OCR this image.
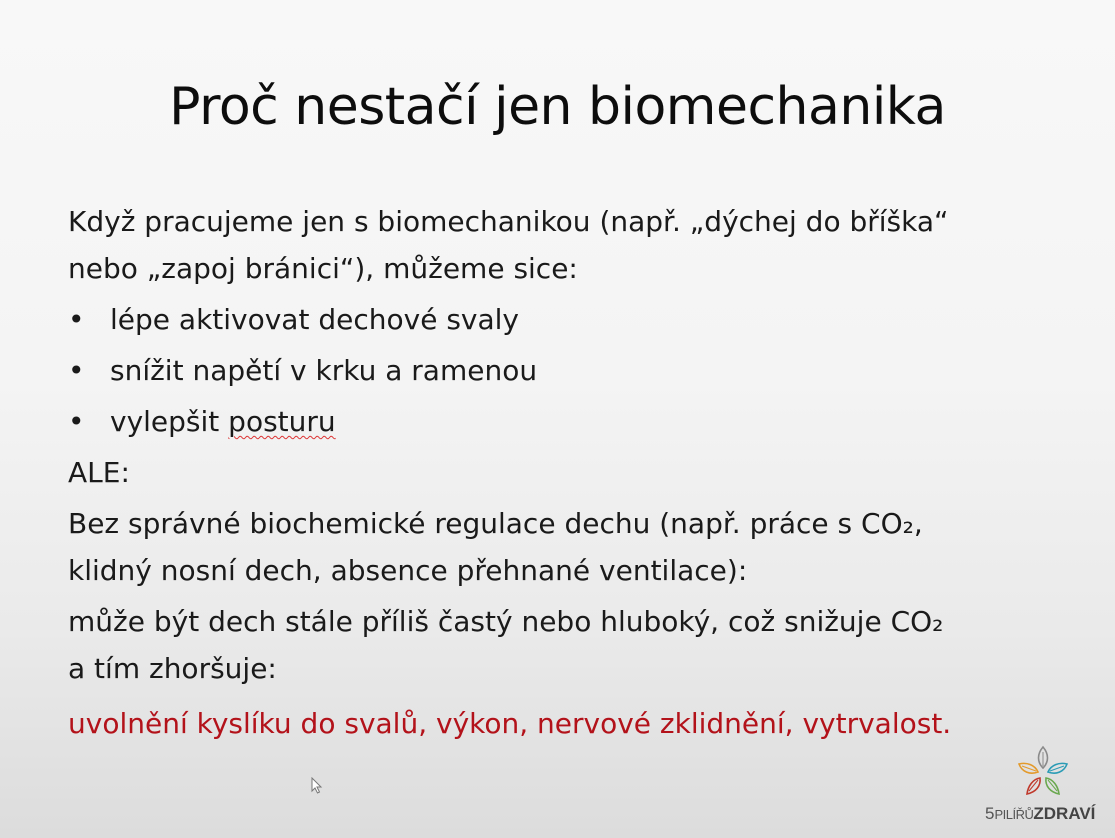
Proč nestačí jen biomechanika

Když pracujeme jen s biomechanikou (např. „dýchej do bříška“
nebo „zapoj bránici“), můžeme sice:

• lépe aktivovat dechové svaly
• snížit napětí v krku a ramenou
• vylepšit posturu

ALE:

Bez správné biochemické regulace dechu (např. práce s CO₂,
klidný nosní dech, absence přehnané ventilace):

může být dech stále příliš častý nebo hluboký, což snižuje CO₂
a tím zhoršuje:

uvolnění kyslíku do svalů, výkon, nervové zklidnění, vytrvalost.

5PILÍŘŮZDRAVÍ
